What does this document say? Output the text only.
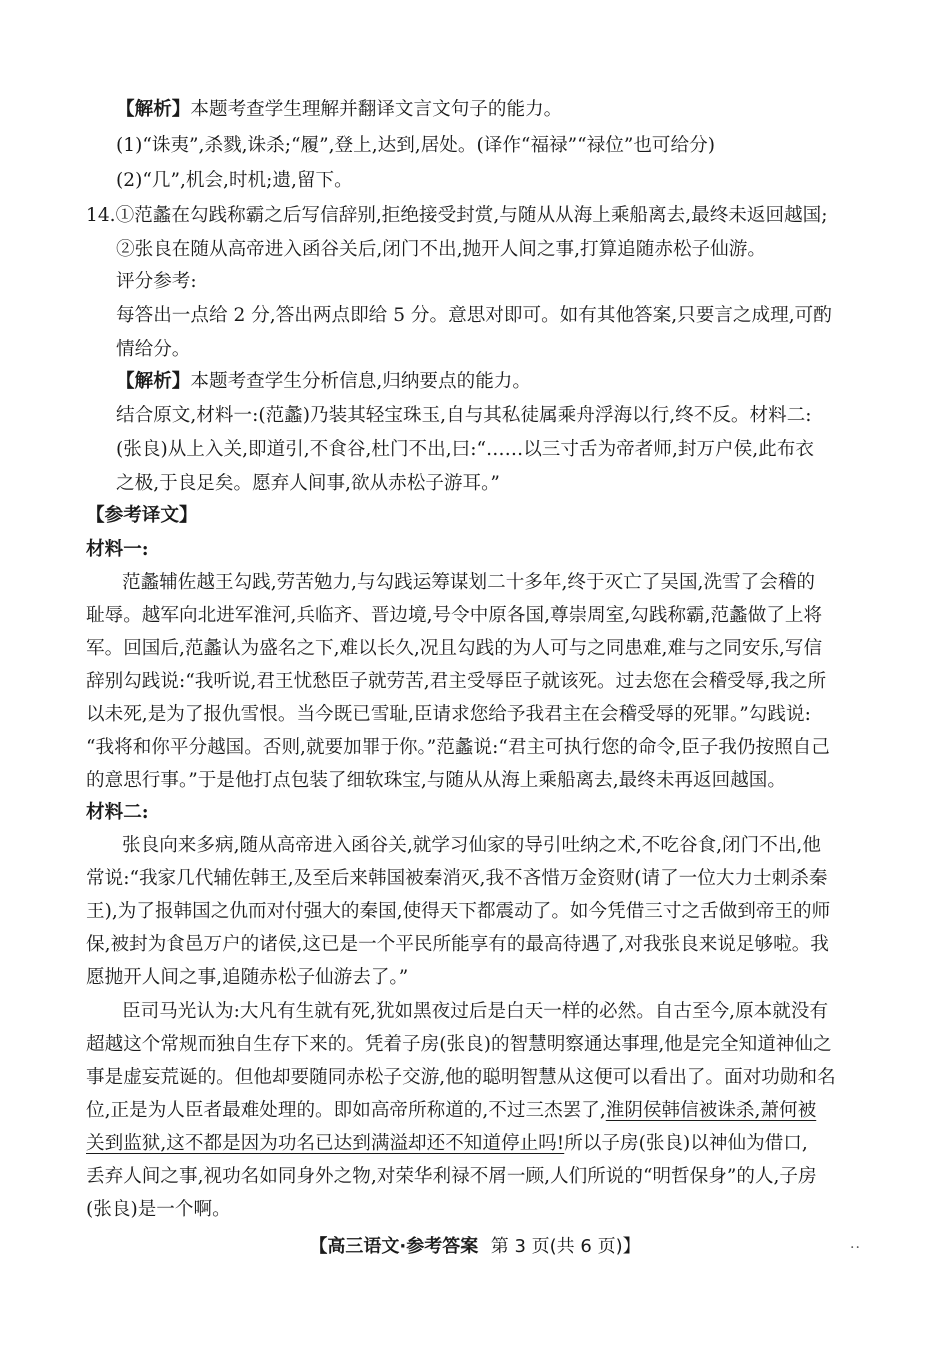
【解析】本题考查学生理解并翻译文言文句子的能力。
(1)“诛夷”,杀戮,诛杀;“履”,登上,达到,居处。(译作“福禄”“禄位”也可给分)
(2)“几”,机会,时机;遗,留下。
14.①范蠡在勾践称霸之后写信辞别,拒绝接受封赏,与随从从海上乘船离去,最终未返回越国;
②张良在随从高帝进入函谷关后,闭门不出,抛开人间之事,打算追随赤松子仙游。
评分参考:
每答出一点给 2 分,答出两点即给 5 分。意思对即可。如有其他答案,只要言之成理,可酌
情给分。
【解析】本题考查学生分析信息,归纳要点的能力。
结合原文,材料一:(范蠡)乃装其轻宝珠玉,自与其私徒属乘舟浮海以行,终不反。材料二:
(张良)从上入关,即道引,不食谷,杜门不出,曰:“……以三寸舌为帝者师,封万户侯,此布衣
之极,于良足矣。愿弃人间事,欲从赤松子游耳。”
【参考译文】
材料一:
范蠡辅佐越王勾践,劳苦勉力,与勾践运筹谋划二十多年,终于灭亡了吴国,洗雪了会稽的
耻辱。越军向北进军淮河,兵临齐、晋边境,号令中原各国,尊崇周室,勾践称霸,范蠡做了上将
军。回国后,范蠡认为盛名之下,难以长久,况且勾践的为人可与之同患难,难与之同安乐,写信
辞别勾践说:“我听说,君王忧愁臣子就劳苦,君主受辱臣子就该死。过去您在会稽受辱,我之所
以未死,是为了报仇雪恨。当今既已雪耻,臣请求您给予我君主在会稽受辱的死罪。”勾践说:
“我将和你平分越国。否则,就要加罪于你。”范蠡说:“君主可执行您的命令,臣子我仍按照自己
的意思行事。”于是他打点包装了细软珠宝,与随从从海上乘船离去,最终未再返回越国。
材料二:
张良向来多病,随从高帝进入函谷关,就学习仙家的导引吐纳之术,不吃谷食,闭门不出,他
常说:“我家几代辅佐韩王,及至后来韩国被秦消灭,我不吝惜万金资财(请了一位大力士刺杀秦
王),为了报韩国之仇而对付强大的秦国,使得天下都震动了。如今凭借三寸之舌做到帝王的师
保,被封为食邑万户的诸侯,这已是一个平民所能享有的最高待遇了,对我张良来说足够啦。我
愿抛开人间之事,追随赤松子仙游去了。”
臣司马光认为:大凡有生就有死,犹如黑夜过后是白天一样的必然。自古至今,原本就没有
超越这个常规而独自生存下来的。凭着子房(张良)的智慧明察通达事理,他是完全知道神仙之
事是虚妄荒诞的。但他却要随同赤松子交游,他的聪明智慧从这便可以看出了。面对功勋和名
位,正是为人臣者最难处理的。即如高帝所称道的,不过三杰罢了,淮阴侯韩信被诛杀,萧何被
关到监狱,这不都是因为功名已达到满溢却还不知道停止吗!所以子房(张良)以神仙为借口,
丢弃人间之事,视功名如同身外之物,对荣华利禄不屑一顾,人们所说的“明哲保身”的人,子房
(张良)是一个啊。
【高三语文·参考答案 第 3 页(共 6 页)】	··
